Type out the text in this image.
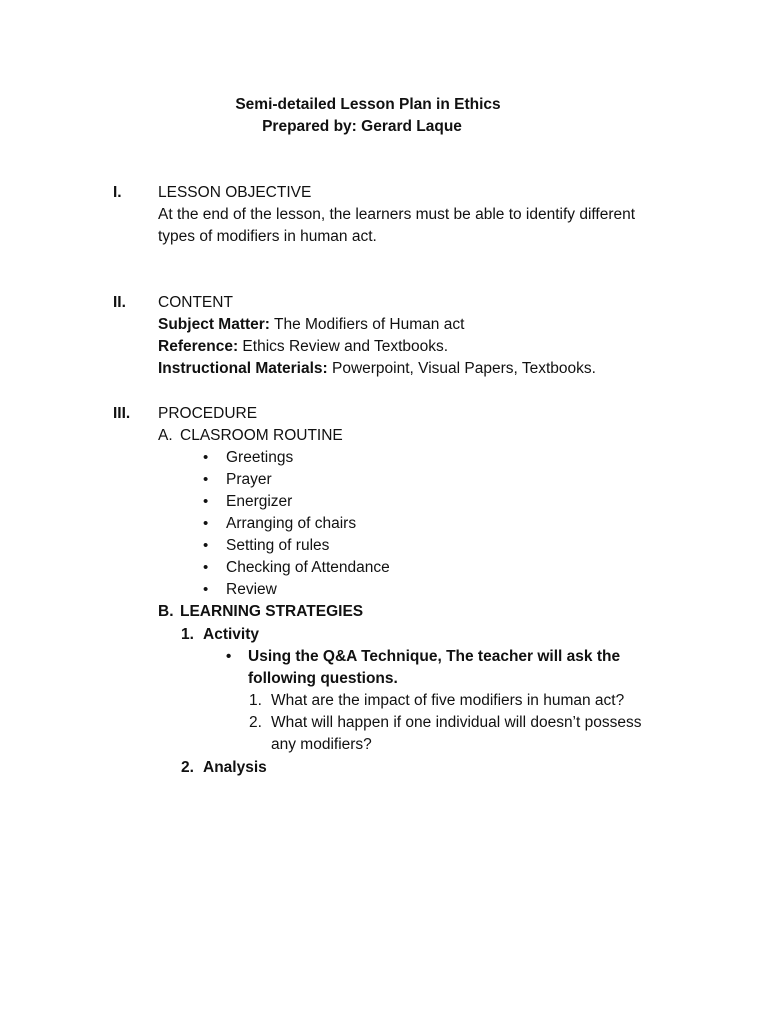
Semi-detailed Lesson Plan in Ethics
Prepared by: Gerard Laque
I. LESSON OBJECTIVE
At the end of the lesson, the learners must be able to identify different
types of modifiers in human act.
II. CONTENT
Subject Matter: The Modifiers of Human act
Reference: Ethics Review and Textbooks.
Instructional Materials: Powerpoint, Visual Papers, Textbooks.
III. PROCEDURE
A. CLASROOM ROUTINE
• Greetings
• Prayer
• Energizer
• Arranging of chairs
• Setting of rules
• Checking of Attendance
• Review
B. LEARNING STRATEGIES
1. Activity
• Using the Q&A Technique, The teacher will ask the
following questions.
1. What are the impact of five modifiers in human act?
2. What will happen if one individual will doesn’t possess
any modifiers?
2. Analysis
